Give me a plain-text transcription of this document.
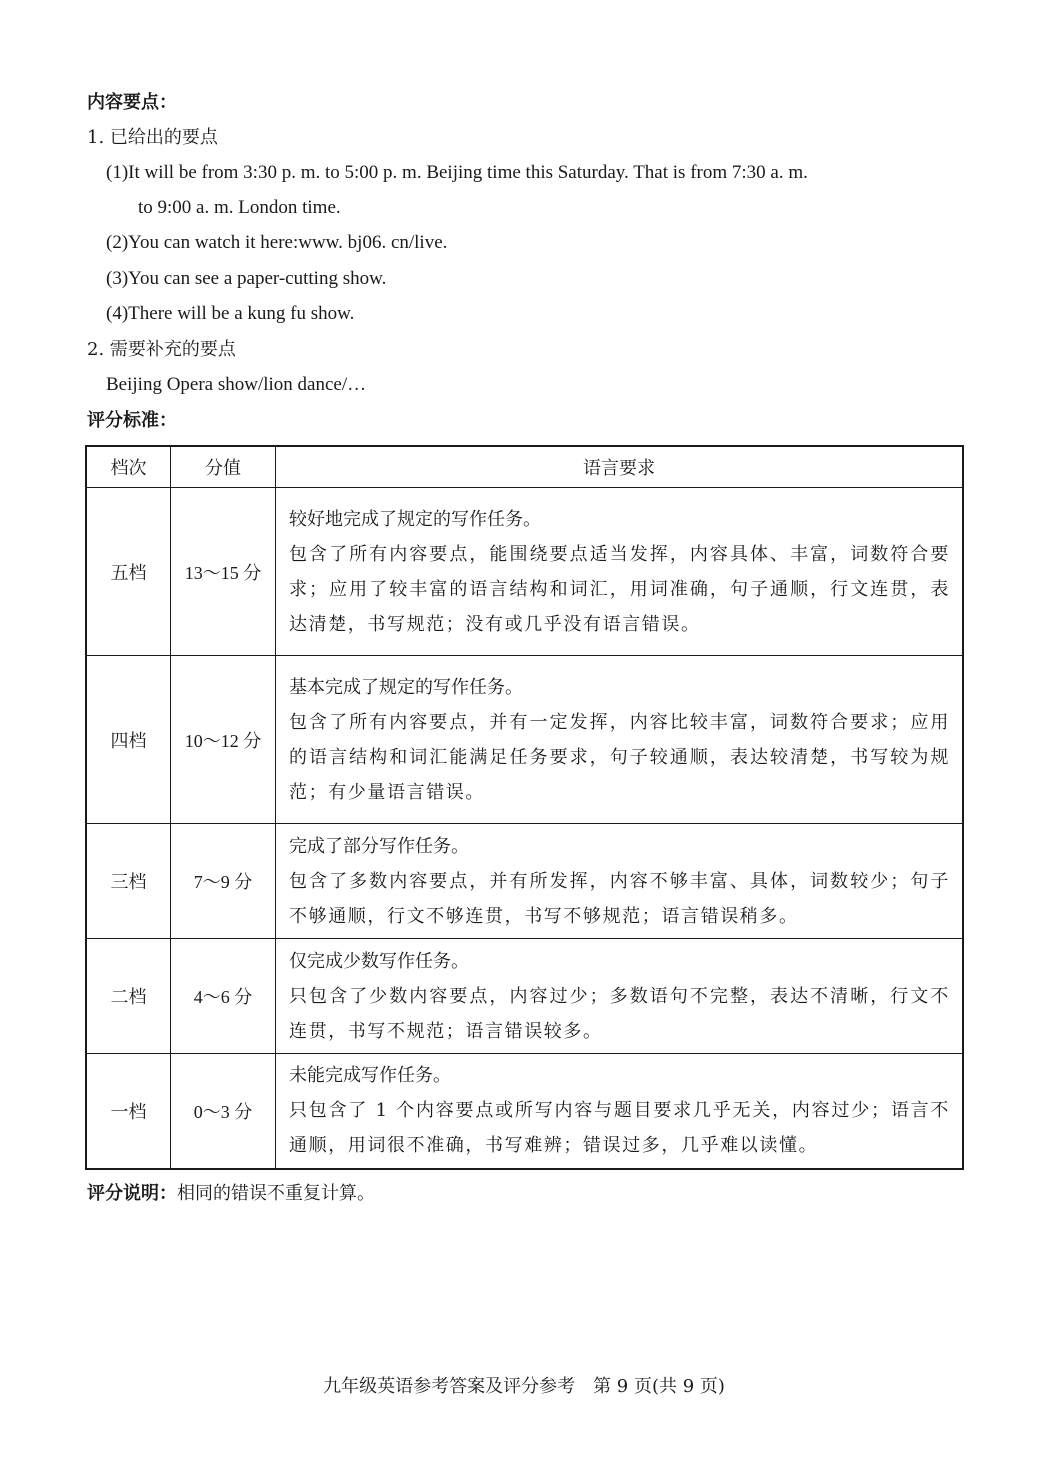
内容要点：
1. 已给出的要点
(1)It will be from 3:30 p. m. to 5:00 p. m. Beijing time this Saturday. That is from 7:30 a. m.
to 9:00 a. m. London time.
(2)You can watch it here:www. bj06. cn/live.
(3)You can see a paper-cutting show.
(4)There will be a kung fu show.
2. 需要补充的要点
Beijing Opera show/lion dance/…
评分标准：
档次	分值	语言要求
五档	13～15 分	较好地完成了规定的写作任务。
包含了所有内容要点，能围绕要点适当发挥，内容具体、丰富，词数符合要求；应用了较丰富的语言结构和词汇，用词准确，句子通顺，行文连贯，表达清楚，书写规范；没有或几乎没有语言错误。

四档	10～12 分	基本完成了规定的写作任务。
包含了所有内容要点，并有一定发挥，内容比较丰富，词数符合要求；应用的语言结构和词汇能满足任务要求，句子较通顺，表达较清楚，书写较为规范；有少量语言错误。

三档	7～9 分	完成了部分写作任务。
包含了多数内容要点，并有所发挥，内容不够丰富、具体，词数较少；句子不够通顺，行文不够连贯，书写不够规范；语言错误稍多。

二档	4～6 分	仅完成少数写作任务。
只包含了少数内容要点，内容过少；多数语句不完整，表达不清晰，行文不连贯，书写不规范；语言错误较多。

一档	0～3 分	未能完成写作任务。
只包含了 1 个内容要点或所写内容与题目要求几乎无关，内容过少；语言不通顺，用词很不准确，书写难辨；错误过多，几乎难以读懂。
评分说明：相同的错误不重复计算。
九年级英语参考答案及评分参考　第 9 页(共 9 页)
